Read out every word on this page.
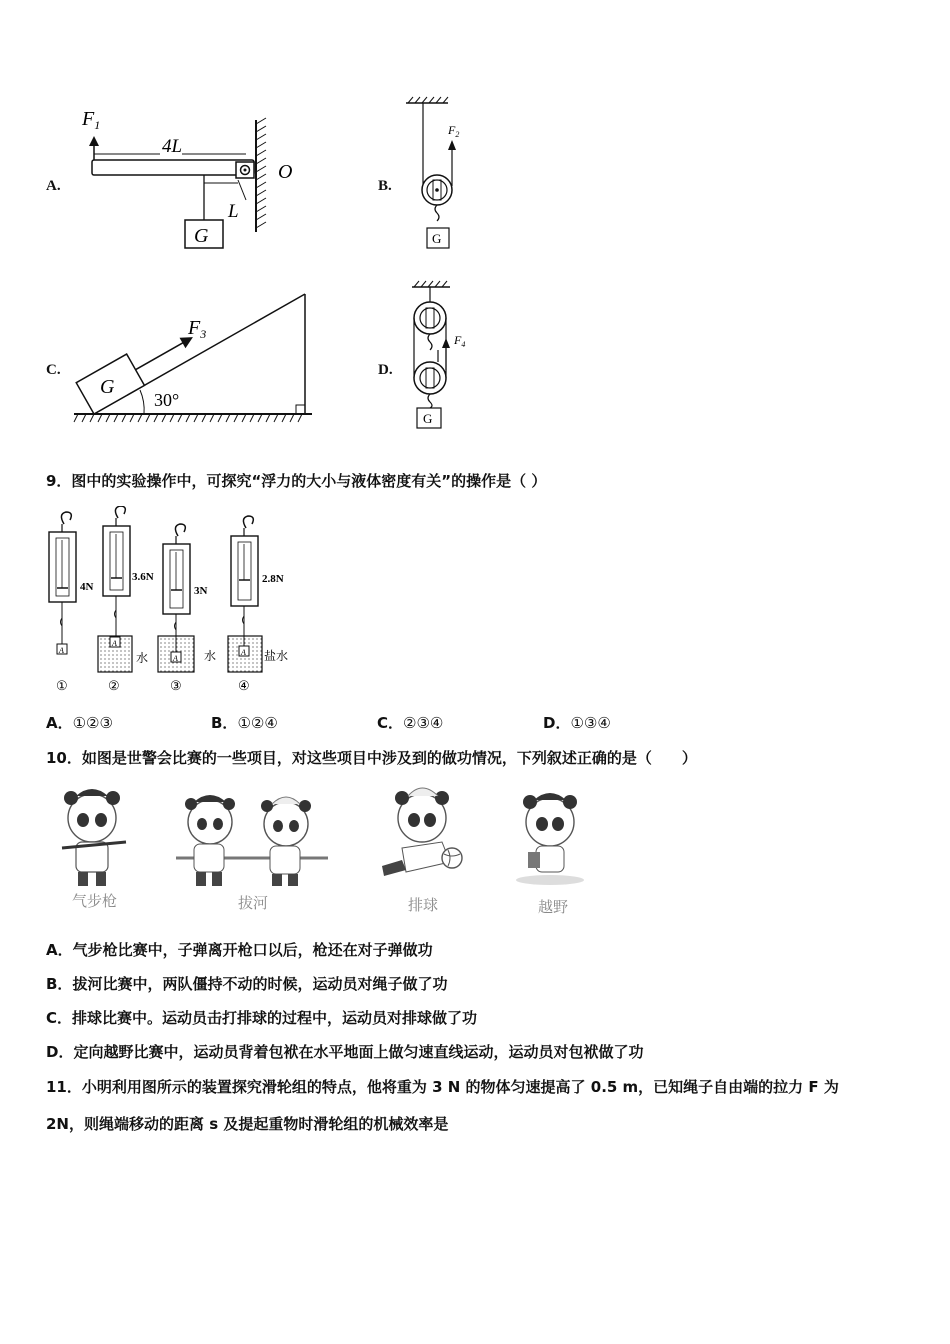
A.
$F_1$
4L
O
L
G
B.
$F_2$
G
C.
30°
G
$F_3$
D.
$F_4$
G
9．图中的实验操作中，可探究“浮力的大小与液体密度有关”的操作是（ ）
A
A
A
A
4N
3.6N
3N
2.8N
水	水	盐水
①	②	③	④
A．①②③	B．①②④	C．②③④	D．①③④
10．如图是世警会比赛的一些项目，对这些项目中涉及到的做功情况，下列叙述正确的是（　　）
气步枪	拔河	排球	越野
A．气步枪比赛中，子弹离开枪口以后，枪还在对子弹做功
B．拔河比赛中，两队僵持不动的时候，运动员对绳子做了功
C．排球比赛中。运动员击打排球的过程中，运动员对排球做了功
D．定向越野比赛中，运动员背着包袱在水平地面上做匀速直线运动，运动员对包袱做了功
11．小明利用图所示的装置探究滑轮组的特点，他将重为 3 N 的物体匀速提高了 0.5 m，已知绳子自由端的拉力 F 为
2N，则绳端移动的距离 s 及提起重物时滑轮组的机械效率是
